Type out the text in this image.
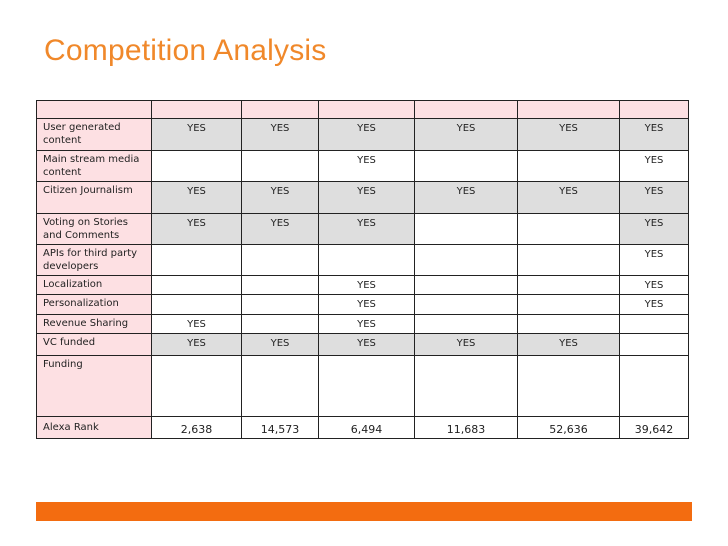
Competition Analysis

User generated content	YES	YES	YES	YES	YES	YES
Main stream media content			YES			YES
Citizen Journalism	YES	YES	YES	YES	YES	YES
Voting on Stories and Comments	YES	YES	YES			YES
APIs for third party developers						YES
Localization			YES			YES
Personalization			YES			YES
Revenue Sharing	YES		YES			
VC funded	YES	YES	YES	YES	YES	
Funding						
Alexa Rank	2,638	14,573	6,494	11,683	52,636	39,642
